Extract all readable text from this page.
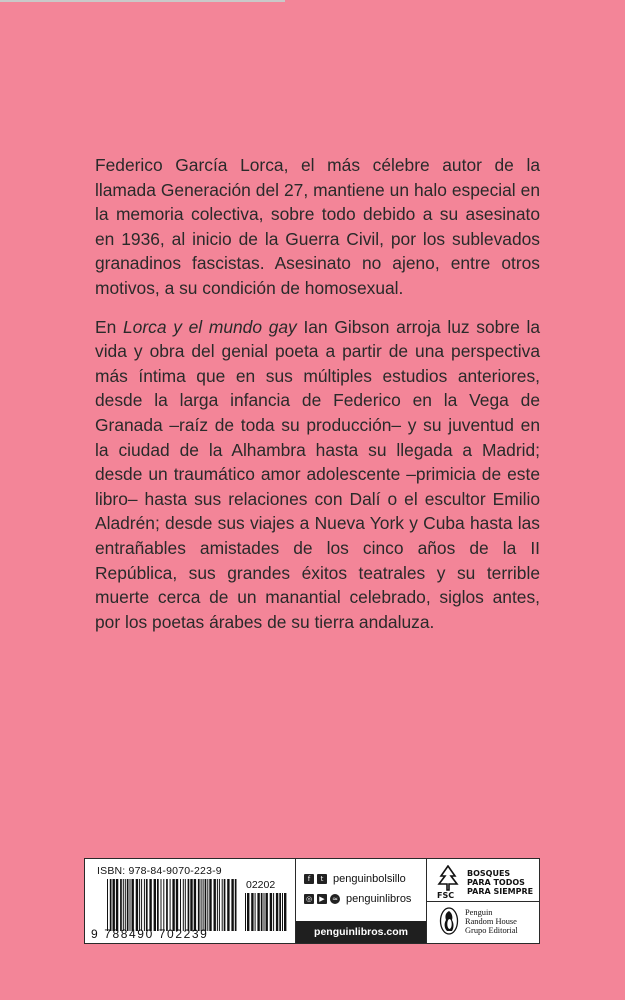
Federico García Lorca, el más célebre autor de la llamada Generación del 27, mantiene un halo especial en la memoria colectiva, sobre todo debido a su asesinato en 1936, al inicio de la Guerra Civil, por los sublevados granadinos fascistas. Asesinato no ajeno, entre otros motivos, a su condición de homosexual.

En Lorca y el mundo gay Ian Gibson arroja luz sobre la vida y obra del genial poeta a partir de una perspectiva más íntima que en sus múltiples estudios anteriores, desde la larga infancia de Federico en la Vega de Granada –raíz de toda su producción– y su juventud en la ciudad de la Alhambra hasta su llegada a Madrid; desde un traumático amor adolescente –primicia de este libro– hasta sus relaciones con Dalí o el escultor Emilio Aladrén; desde sus viajes a Nueva York y Cuba hasta las entrañables amistades de los cinco años de la II República, sus grandes éxitos teatrales y su terrible muerte cerca de un manantial celebrado, siglos antes, por los poetas árabes de su tierra andaluza.

ISBN: 978-84-9070-223-9
02202
9 788490 702239
f	t penguinbolsillo
◎	▶	≈ penguinlibros
penguinlibros.com
FSC
BOSQUES
PARA TODOS
PARA SIEMPRE
Penguin
Random House
Grupo Editorial
